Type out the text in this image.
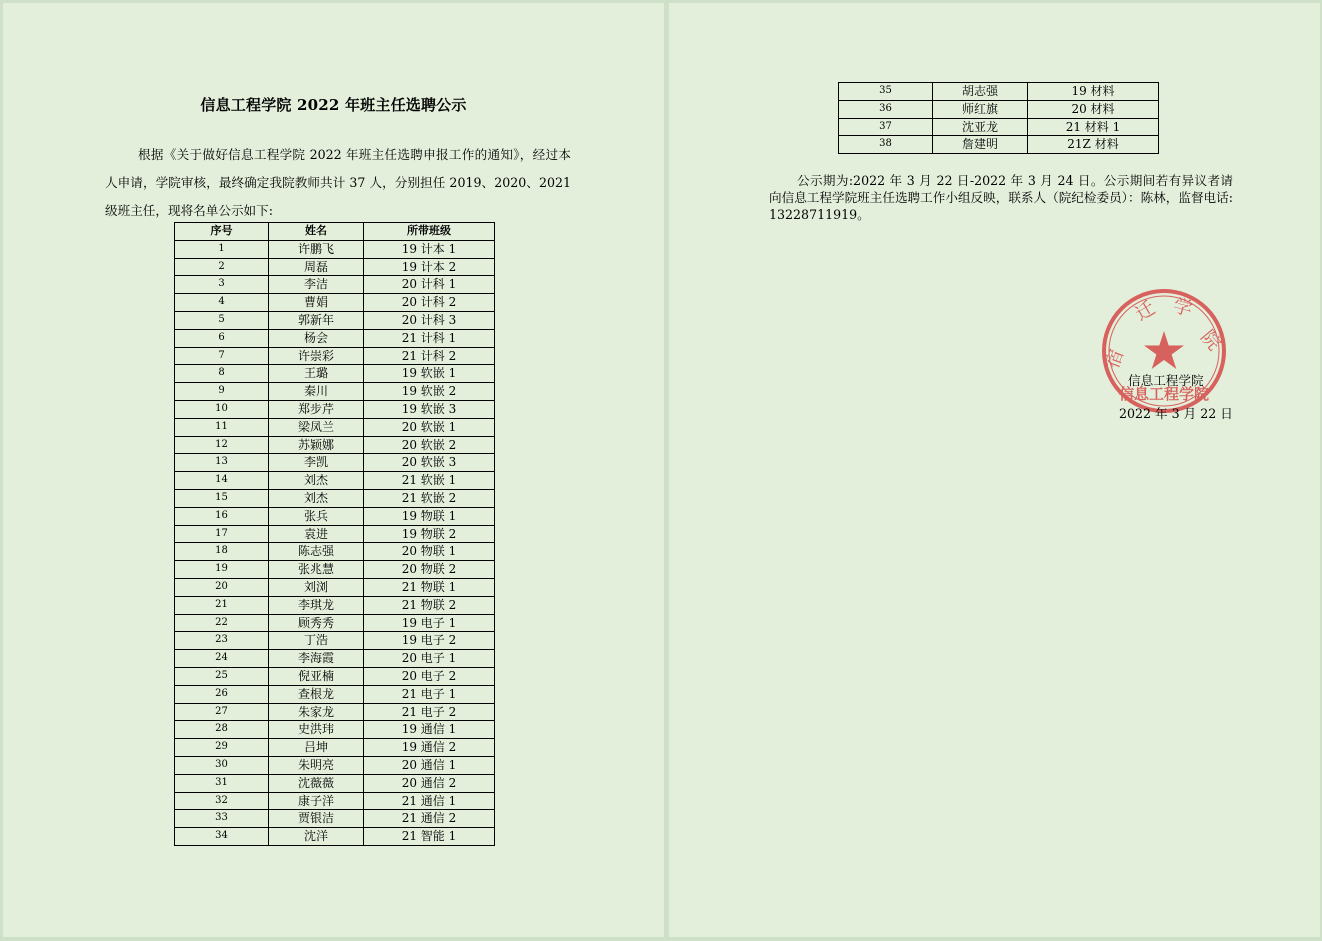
信息工程学院 2022 年班主任选聘公示

根据《关于做好信息工程学院 2022 年班主任选聘申报工作的通知》，经过本人申请，学院审核，最终确定我院教师共计 37 人，分别担任 2019、2020、2021 级班主任，现将名单公示如下:

序号	姓名	所带班级
1	许鹏飞	19 计本 1
2	周磊	19 计本 2
3	李洁	20 计科 1
4	曹娟	20 计科 2
5	郭新年	20 计科 3
6	杨会	21 计科 1
7	许崇彩	21 计科 2
8	王璐	19 软嵌 1
9	秦川	19 软嵌 2
10	郑步芹	19 软嵌 3
11	梁凤兰	20 软嵌 1
12	苏颖娜	20 软嵌 2
13	李凯	20 软嵌 3
14	刘杰	21 软嵌 1
15	刘杰	21 软嵌 2
16	张兵	19 物联 1
17	袁进	19 物联 2
18	陈志强	20 物联 1
19	张兆慧	20 物联 2
20	刘浏	21 物联 1
21	李琪龙	21 物联 2
22	顾秀秀	19 电子 1
23	丁浩	19 电子 2
24	李海霞	20 电子 1
25	倪亚楠	20 电子 2
26	查根龙	21 电子 1
27	朱家龙	21 电子 2
28	史洪玮	19 通信 1
29	吕坤	19 通信 2
30	朱明亮	20 通信 1
31	沈薇薇	20 通信 2
32	康子洋	21 通信 1
33	贾银洁	21 通信 2
34	沈洋	21 智能 1
35	胡志强	19 材料
36	师红旗	20 材料
37	沈亚龙	21 材料 1
38	詹建明	21Z 材料

公示期为:2022 年 3 月 22 日-2022 年 3 月 24 日。公示期间若有异议者请向信息工程学院班主任选聘工作小组反映，联系人（院纪检委员）：陈林，监督电话: 13228711919。

迁 学
院
宿
信息工程学院
信息工程学院
2022 年 3 月 22 日
